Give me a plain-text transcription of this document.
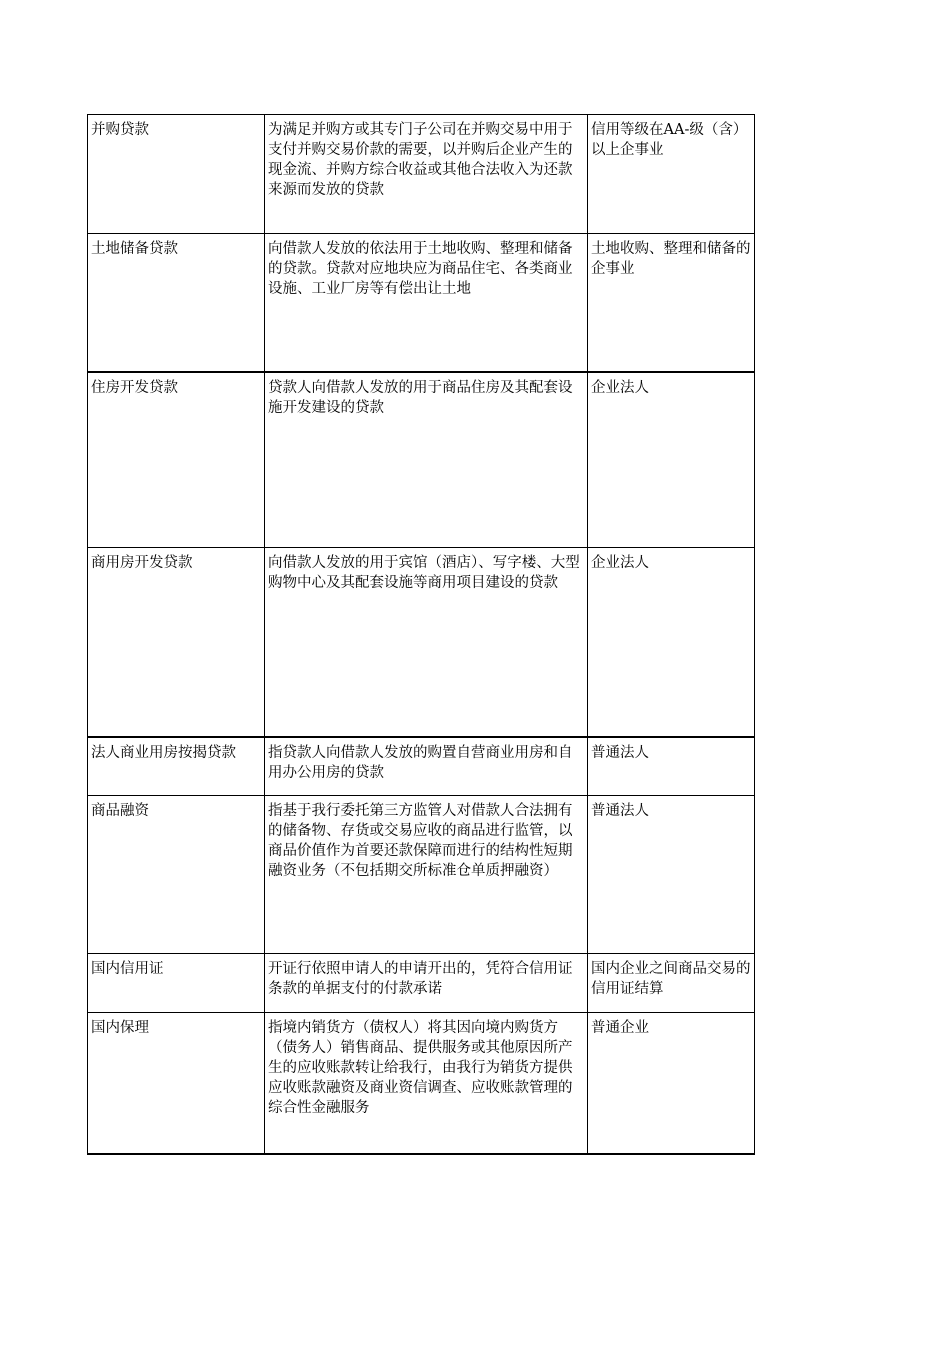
并购贷款	为满足并购方或其专门子公司在并购交易中用于支付并购交易价款的需要，以并购后企业产生的现金流、并购方综合收益或其他合法收入为还款来源而发放的贷款	信用等级在AA-级（含）以上企事业
土地储备贷款	向借款人发放的依法用于土地收购、整理和储备的贷款。贷款对应地块应为商品住宅、各类商业设施、工业厂房等有偿出让土地	土地收购、整理和储备的企事业
住房开发贷款	贷款人向借款人发放的用于商品住房及其配套设施开发建设的贷款	企业法人
商用房开发贷款	向借款人发放的用于宾馆（酒店）、写字楼、大型购物中心及其配套设施等商用项目建设的贷款	企业法人
法人商业用房按揭贷款	指贷款人向借款人发放的购置自营商业用房和自用办公用房的贷款	普通法人
商品融资	指基于我行委托第三方监管人对借款人合法拥有的储备物、存货或交易应收的商品进行监管，以商品价值作为首要还款保障而进行的结构性短期融资业务（不包括期交所标准仓单质押融资）	普通法人
国内信用证	开证行依照申请人的申请开出的，凭符合信用证条款的单据支付的付款承诺	国内企业之间商品交易的信用证结算
国内保理	指境内销货方（债权人）将其因向境内购货方（债务人）销售商品、提供服务或其他原因所产生的应收账款转让给我行，由我行为销货方提供应收账款融资及商业资信调查、应收账款管理的综合性金融服务	普通企业
